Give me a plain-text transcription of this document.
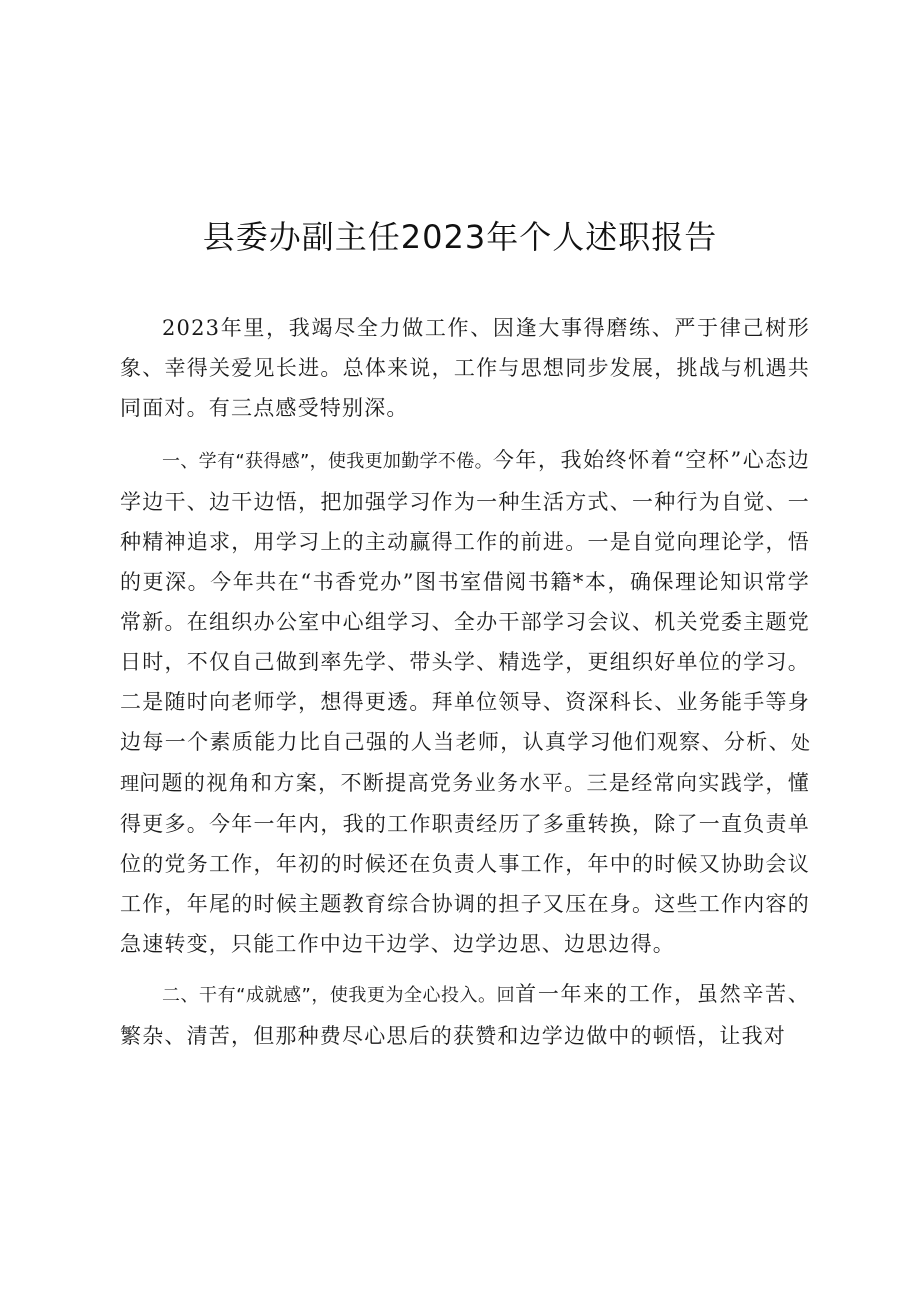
县委办副主任2023年个人述职报告

2023年里，我竭尽全力做工作、因逢大事得磨练、严于律己树形象、幸得关爱见长进。总体来说，工作与思想同步发展，挑战与机遇共同面对。有三点感受特别深。

一、学有“获得感”，使我更加勤学不倦。今年，我始终怀着“空杯”心态边学边干、边干边悟，把加强学习作为一种生活方式、一种行为自觉、一种精神追求，用学习上的主动赢得工作的前进。一是自觉向理论学，悟的更深。今年共在“书香党办”图书室借阅书籍*本，确保理论知识常学常新。在组织办公室中心组学习、全办干部学习会议、机关党委主题党日时，不仅自己做到率先学、带头学、精选学，更组织好单位的学习。二是随时向老师学，想得更透。拜单位领导、资深科长、业务能手等身边每一个素质能力比自己强的人当老师，认真学习他们观察、分析、处理问题的视角和方案，不断提高党务业务水平。三是经常向实践学，懂得更多。今年一年内，我的工作职责经历了多重转换，除了一直负责单位的党务工作，年初的时候还在负责人事工作，年中的时候又协助会议工作，年尾的时候主题教育综合协调的担子又压在身。这些工作内容的急速转变，只能工作中边干边学、边学边思、边思边得。

二、干有“成就感”，使我更为全心投入。回首一年来的工作，虽然辛苦、繁杂、清苦，但那种费尽心思后的获赞和边学边做中的顿悟，让我对
